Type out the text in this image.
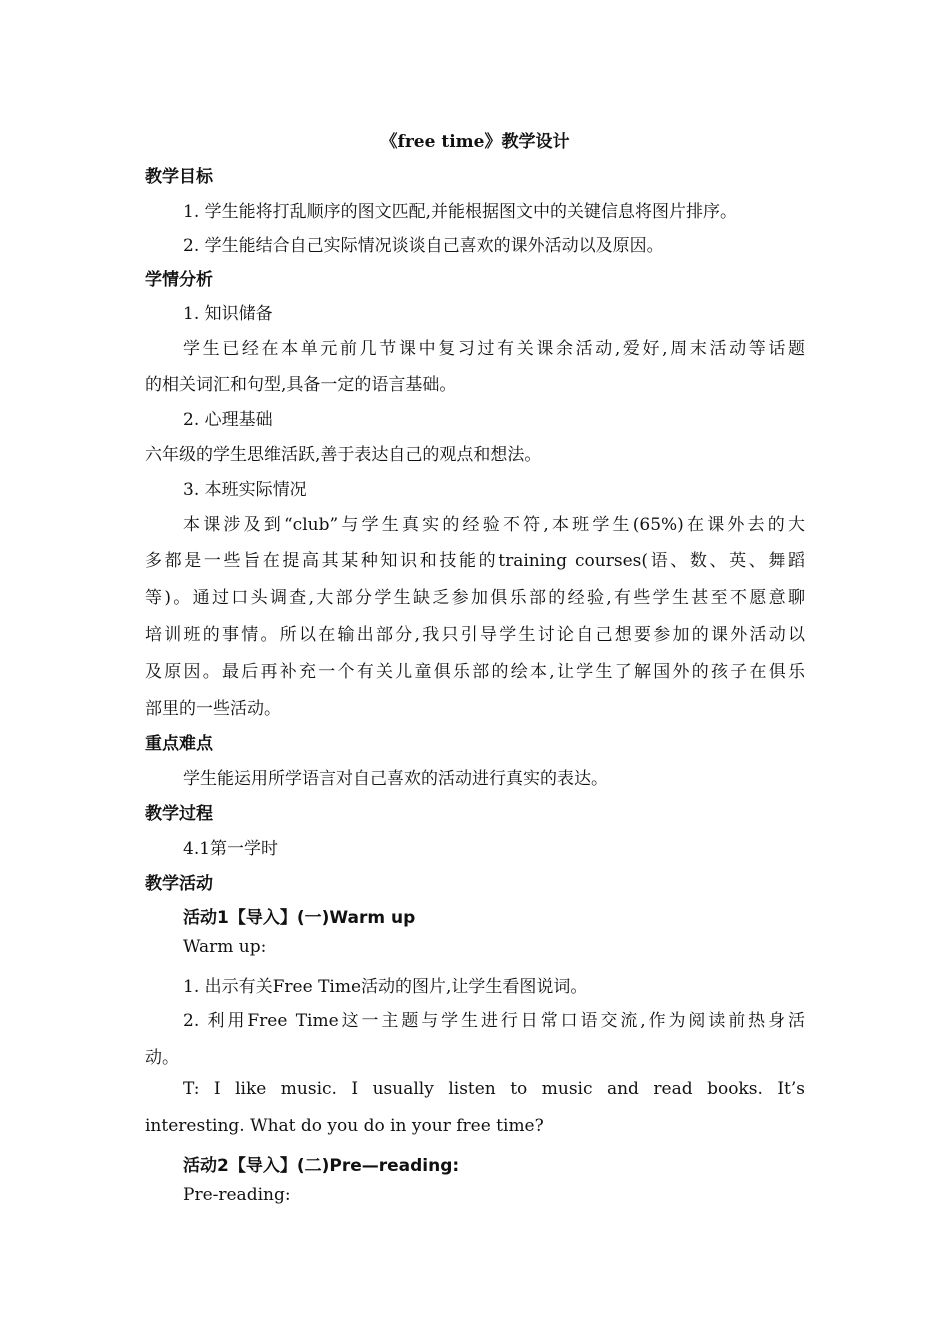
《free time》教学设计
教学目标
1. 学生能将打乱顺序的图文匹配,并能根据图文中的关键信息将图片排序。
2. 学生能结合自己实际情况谈谈自己喜欢的课外活动以及原因。
学情分析
1. 知识储备
学生已经在本单元前几节课中复习过有关课余活动,爱好,周末活动等话题
的相关词汇和句型,具备一定的语言基础。
2. 心理基础
六年级的学生思维活跃,善于表达自己的观点和想法。
3. 本班实际情况
本课涉及到“club”与学生真实的经验不符,本班学生(65%)在课外去的大
多都是一些旨在提高其某种知识和技能的training courses(语、数、英、舞蹈
等)。通过口头调查,大部分学生缺乏参加俱乐部的经验,有些学生甚至不愿意聊
培训班的事情。所以在输出部分,我只引导学生讨论自己想要参加的课外活动以
及原因。最后再补充一个有关儿童俱乐部的绘本,让学生了解国外的孩子在俱乐
部里的一些活动。
重点难点
学生能运用所学语言对自己喜欢的活动进行真实的表达。
教学过程
4.1第一学时
教学活动
活动1【导入】(一)Warm up
Warm up:
1. 出示有关Free Time活动的图片,让学生看图说词。
2. 利用Free Time这一主题与学生进行日常口语交流,作为阅读前热身活
动。
T: I like music. I usually listen to music and read books. It’s
interesting. What do you do in your free time?
活动2【导入】(二)Pre—reading:
Pre-reading:
